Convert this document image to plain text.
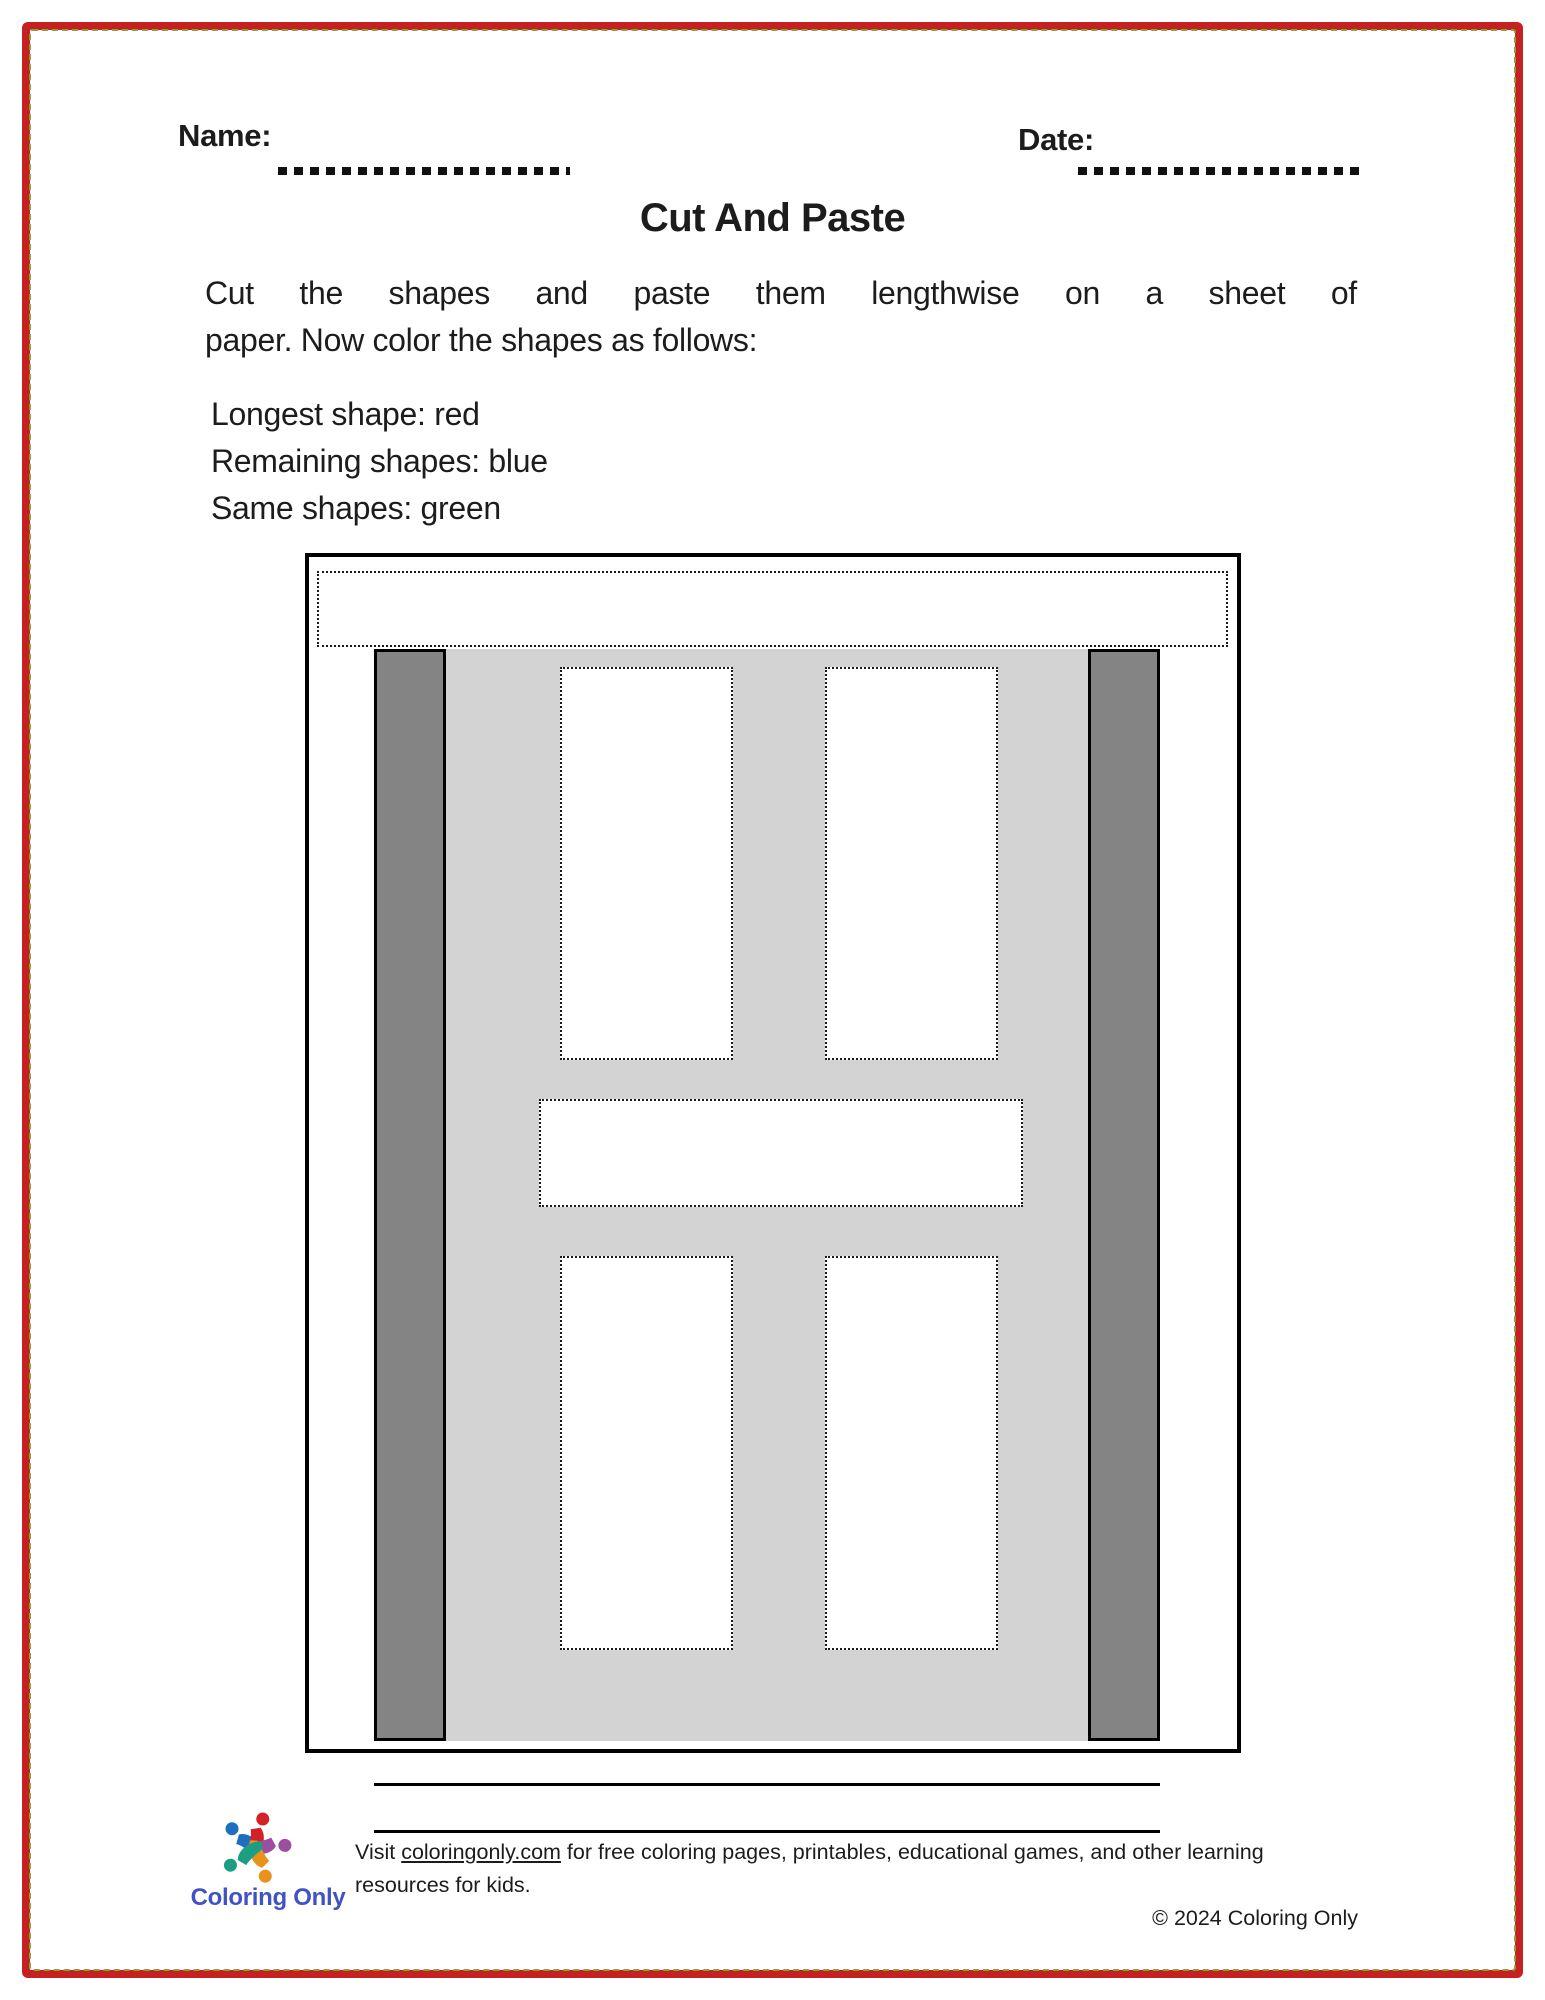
Name:	Date:
Cut And Paste
Cut the shapes and paste them lengthwise on a sheet of
paper. Now color the shapes as follows:
Longest shape: red
Remaining shapes: blue
Same shapes: green
Coloring Only
Visit coloringonly.com for free coloring pages, printables, educational games, and other learning resources for kids.
© 2024 Coloring Only
